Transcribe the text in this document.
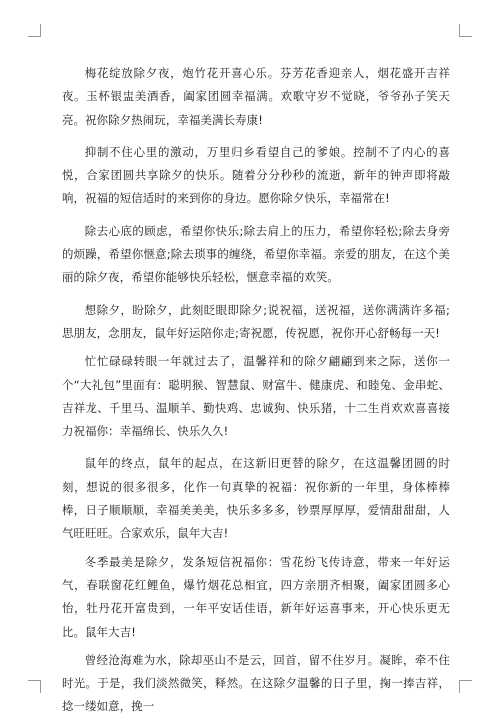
梅花绽放除夕夜，炮竹花开喜心乐。芬芳花香迎亲人，烟花盛开吉祥夜。玉杯银盅美酒香，阖家团圆幸福满。欢歌守岁不觉晓，爷爷孙子笑天亮。祝你除夕热闹玩，幸福美满长寿康!

抑制不住心里的激动，万里归乡看望自己的爹娘。控制不了内心的喜悦，合家团圆共享除夕的快乐。随着分分秒秒的流逝，新年的钟声即将敲响，祝福的短信适时的来到你的身边。愿你除夕快乐，幸福常在!

除去心底的顾虑，希望你快乐;除去肩上的压力，希望你轻松;除去身旁的烦躁，希望你惬意;除去琐事的缠绕，希望你幸福。亲爱的朋友，在这个美丽的除夕夜，希望你能够快乐轻松，惬意幸福的欢笑。

想除夕，盼除夕，此刻眨眼即除夕;说祝福，送祝福，送你满满许多福;思朋友，念朋友，鼠年好运陪你走;寄祝愿，传祝愿，祝你开心舒畅每一天!

忙忙碌碌转眼一年就过去了，温馨祥和的除夕翩翩到来之际，送你一个“大礼包”里面有：聪明猴、智慧鼠、财富牛、健康虎、和睦兔、金串蛇、吉祥龙、千里马、温顺羊、勤快鸡、忠诚狗、快乐猪，十二生肖欢欢喜喜接力祝福你：幸福绵长、快乐久久!

鼠年的终点，鼠年的起点，在这新旧更替的除夕，在这温馨团圆的时刻，想说的很多很多，化作一句真挚的祝福：祝你新的一年里，身体棒棒棒，日子顺顺顺，幸福美美美，快乐多多多，钞票厚厚厚，爱情甜甜甜，人气旺旺旺。合家欢乐，鼠年大吉!

冬季最美是除夕，发条短信祝福你：雪花纷飞传诗意，带来一年好运气，春联窗花红鲤鱼，爆竹烟花总相宜，四方亲朋齐相聚，阖家团圆多心怡，牡丹花开富贵到，一年平安话佳语，新年好运喜事来，开心快乐更无比。鼠年大吉!

曾经沧海难为水，除却巫山不是云，回首，留不住岁月。凝眸，牵不住时光。于是，我们淡然微笑，释然。在这除夕温馨的日子里，掬一捧吉祥，捻一缕如意，挽一
